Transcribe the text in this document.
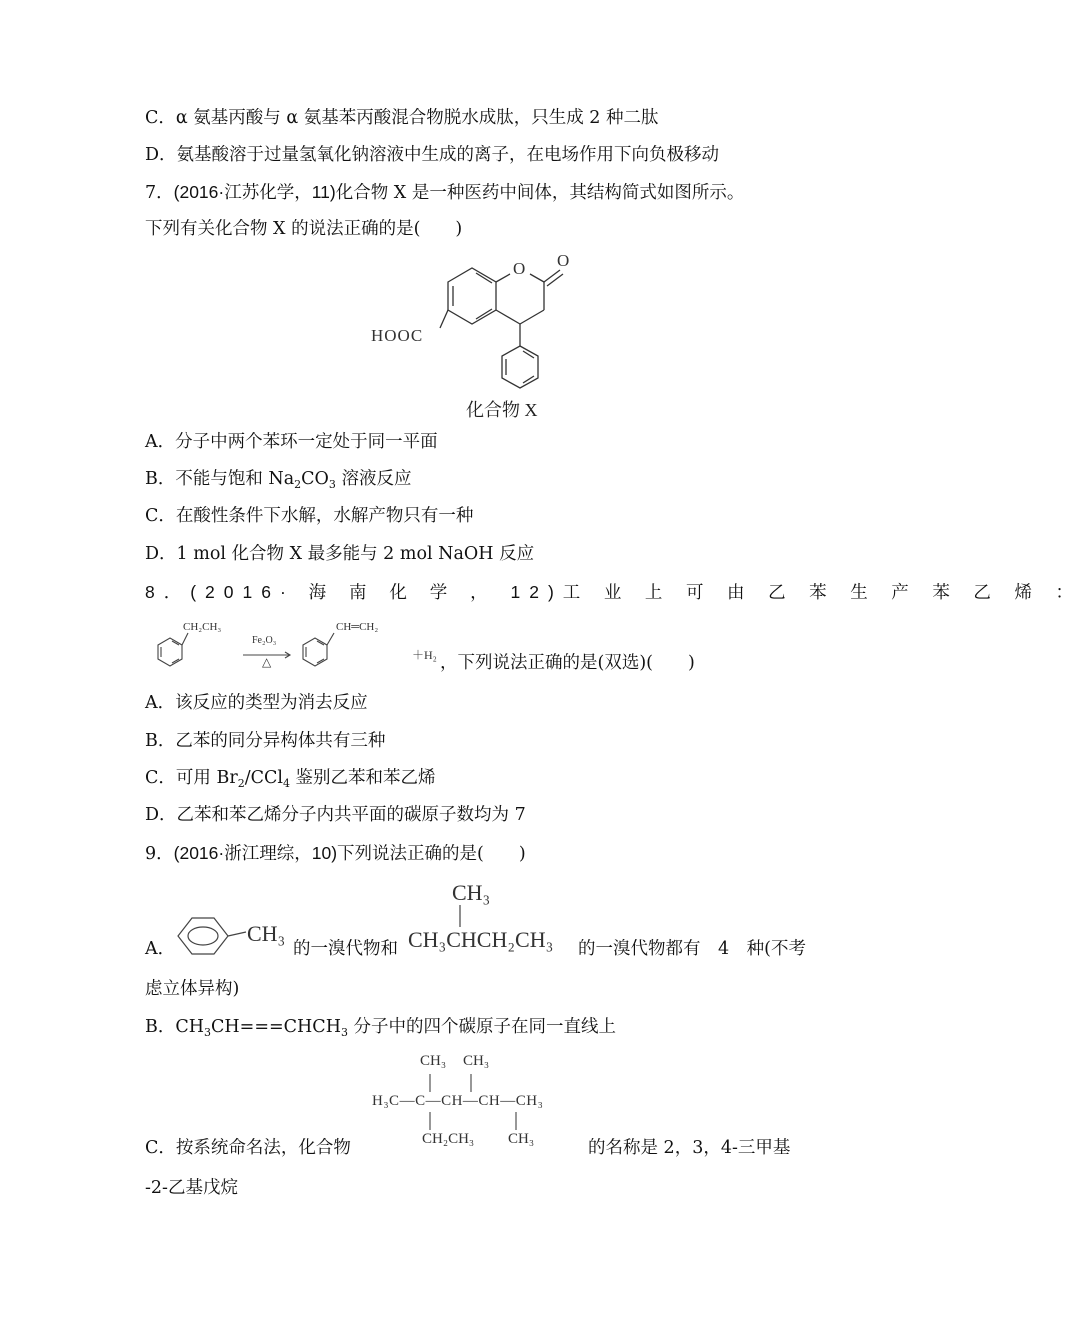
C．α 氨基丙酸与 α 氨基苯丙酸混合物脱水成肽，只生成 2 种二肽
D．氨基酸溶于过量氢氧化钠溶液中生成的离子，在电场作用下向负极移动
7．(2016·江苏化学，11)化合物 X 是一种医药中间体，其结构简式如图所示。
下列有关化合物 X 的说法正确的是(　　)
O O
HOOC
化合物 X
A．分子中两个苯环一定处于同一平面
B．不能与饱和 $Na_2CO_3$ 溶液反应
C．在酸性条件下水解，水解产物只有一种
D．1 mol 化合物 X 最多能与 2 mol NaOH 反应
8．(2016· 海 南 化 学 ， 12)工 业 上 可 由 乙 苯 生 产 苯 乙 烯 ：
CH₂CH₃
Fe₂O₃
△
CH═CH₂
＋H₂ ，下列说法正确的是(双选)(　　)
A．该反应的类型为消去反应
B．乙苯的同分异构体共有三种
C．可用 $Br_2/CCl_4$ 鉴别乙苯和苯乙烯
D．乙苯和苯乙烯分子内共平面的碳原子数均为 7
9．(2016·浙江理综，10)下列说法正确的是(　　)
A．
CH₃
的一溴代物和
CH₃
CH₃CHCH₂CH₃ 的一溴代物都有　4　种(不考
虑立体异构)
B．$CH_3CH===CHCH_3$ 分子中的四个碳原子在同一直线上
CH₃ CH₃
H₃C—C—CH—CH—CH₃
CH₂CH₃ CH₃
C．按系统命名法，化合物	的名称是 2，3，4-三甲基
-2-乙基戊烷
